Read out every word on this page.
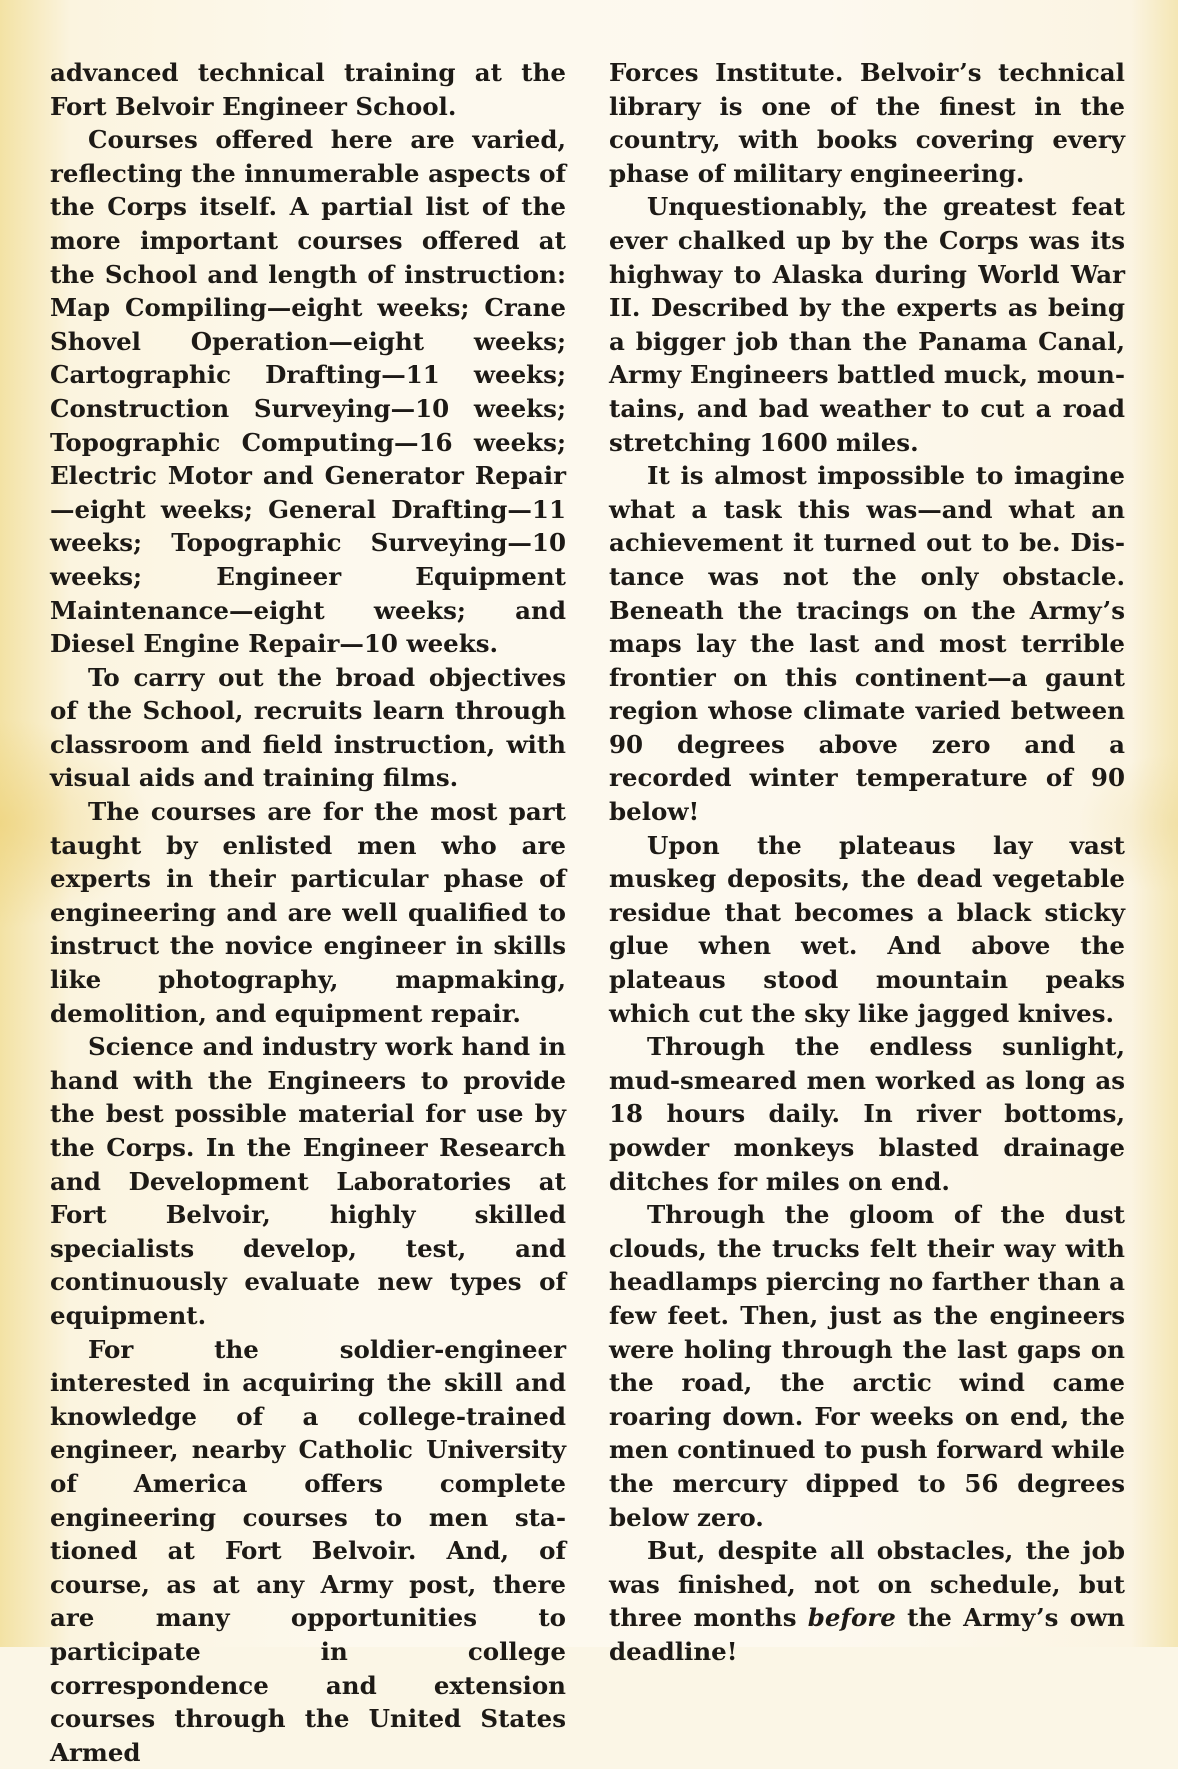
advanced technical training at the Fort Belvoir Engineer School.

Courses offered here are varied, reflecting the innumerable aspects of the Corps itself. A partial list of the more important courses offered at the School and length of instruction: Map Compiling—eight weeks; Crane Shovel Operation—eight weeks; Cartographic Drafting—11 weeks; Construction Surveying—10 weeks; Topographic Computing—16 weeks; Electric Motor and Generator Repair—eight weeks; General Drafting—11 weeks; Topographic Surveying—10 weeks; Engineer Equipment Maintenance—eight weeks; and Diesel Engine Repair—10 weeks.

To carry out the broad objectives of the School, recruits learn through classroom and field instruction, with visual aids and training films.

The courses are for the most part taught by enlisted men who are experts in their particular phase of engineering and are well qualified to instruct the novice engineer in skills like photography, mapmaking, demolition, and equipment repair.

Science and industry work hand in hand with the Engineers to provide the best possible material for use by the Corps. In the Engineer Research and Development Laboratories at Fort Belvoir, highly skilled specialists develop, test, and continuously evaluate new types of equipment.

For the soldier-engineer interested in acquiring the skill and knowledge of a college-trained engineer, nearby Catholic University of America offers complete engineering courses to men stationed at Fort Belvoir. And, of course, as at any Army post, there are many opportunities to participate in college correspondence and extension courses through the United States Armed

Forces Institute. Belvoir’s technical library is one of the finest in the country, with books covering every phase of military engineering.

Unquestionably, the greatest feat ever chalked up by the Corps was its highway to Alaska during World War II. Described by the experts as being a bigger job than the Panama Canal, Army Engineers battled muck, mountains, and bad weather to cut a road stretching 1600 miles.

It is almost impossible to imagine what a task this was—and what an achievement it turned out to be. Distance was not the only obstacle. Beneath the tracings on the Army’s maps lay the last and most terrible frontier on this continent—a gaunt region whose climate varied between 90 degrees above zero and a recorded winter temperature of 90 below!

Upon the plateaus lay vast muskeg deposits, the dead vegetable residue that becomes a black sticky glue when wet. And above the plateaus stood mountain peaks which cut the sky like jagged knives.

Through the endless sunlight, mud-smeared men worked as long as 18 hours daily. In river bottoms, powder monkeys blasted drainage ditches for miles on end.

Through the gloom of the dust clouds, the trucks felt their way with headlamps piercing no farther than a few feet. Then, just as the engineers were holing through the last gaps on the road, the arctic wind came roaring down. For weeks on end, the men continued to push forward while the mercury dipped to 56 degrees below zero.

But, despite all obstacles, the job was finished, not on schedule, but three months before the Army’s own deadline!
